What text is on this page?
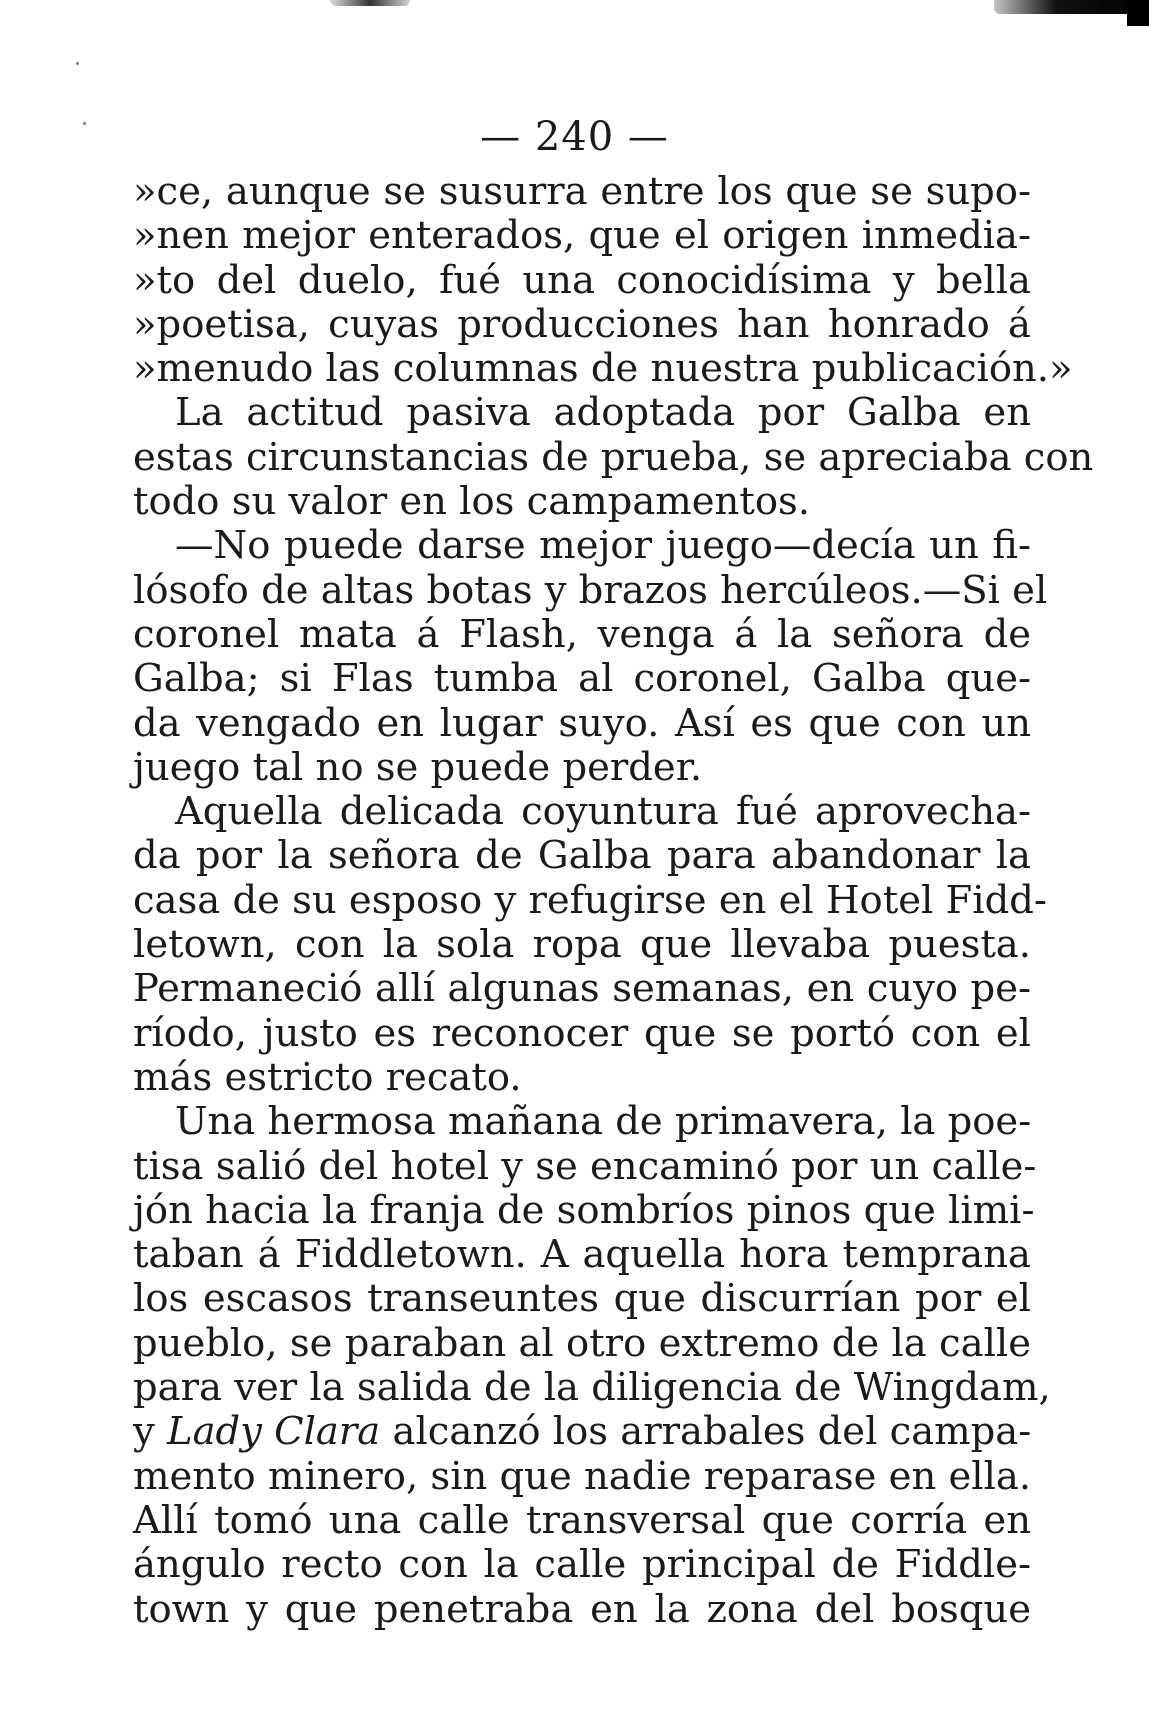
— 240 —
»ce, aunque se susurra entre los que se supo-
»nen mejor enterados, que el origen inmedia-
»to del duelo, fué una conocidísima y bella
»poetisa, cuyas producciones han honrado á
»menudo las columnas de nuestra publicación.»
La actitud pasiva adoptada por Galba en
estas circunstancias de prueba, se apreciaba con
todo su valor en los campamentos.
—No puede darse mejor juego—decía un fi-
lósofo de altas botas y brazos hercúleos.—Si el
coronel mata á Flash, venga á la señora de
Galba; si Flas tumba al coronel, Galba que-
da vengado en lugar suyo. Así es que con un
juego tal no se puede perder.
Aquella delicada coyuntura fué aprovecha-
da por la señora de Galba para abandonar la
casa de su esposo y refugirse en el Hotel Fidd-
letown, con la sola ropa que llevaba puesta.
Permaneció allí algunas semanas, en cuyo pe-
ríodo, justo es reconocer que se portó con el
más estricto recato.
Una hermosa mañana de primavera, la poe-
tisa salió del hotel y se encaminó por un calle-
jón hacia la franja de sombríos pinos que limi-
taban á Fiddletown. A aquella hora temprana
los escasos transeuntes que discurrían por el
pueblo, se paraban al otro extremo de la calle
para ver la salida de la diligencia de Wingdam,
y Lady Clara alcanzó los arrabales del campa-
mento minero, sin que nadie reparase en ella.
Allí tomó una calle transversal que corría en
ángulo recto con la calle principal de Fiddle-
town y que penetraba en la zona del bosque
